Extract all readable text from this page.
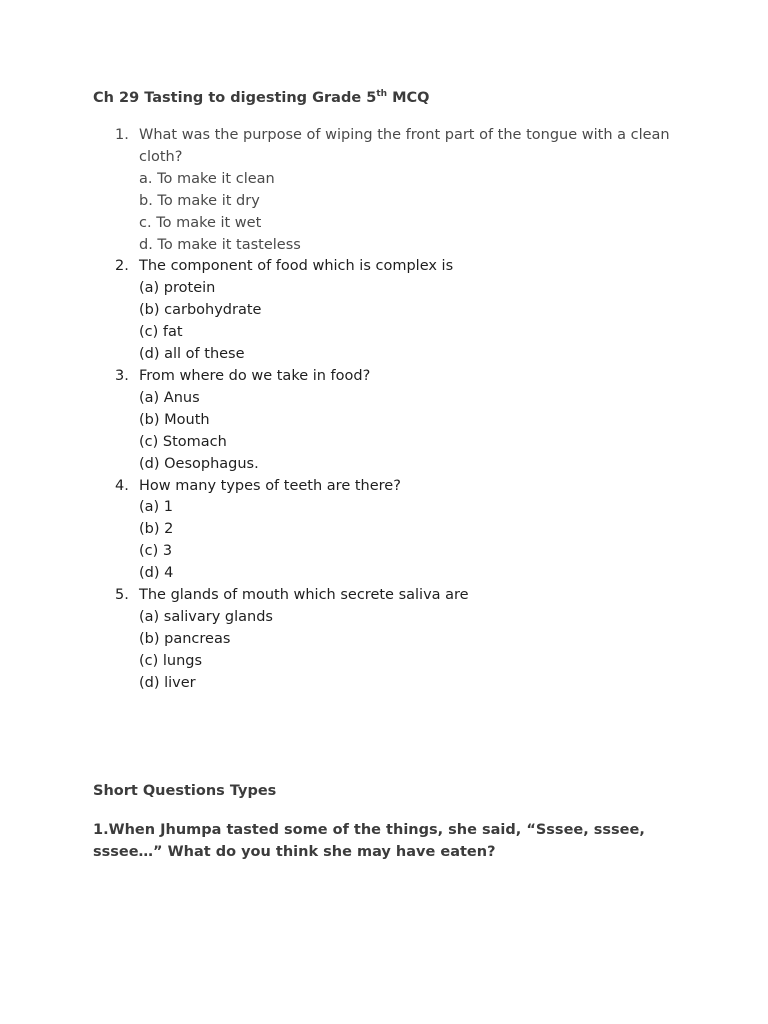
Ch 29 Tasting to digesting Grade 5th MCQ
1. What was the purpose of wiping the front part of the tongue with a clean cloth?
a. To make it clean
b. To make it dry
c. To make it wet
d. To make it tasteless
2. The component of food which is complex is
(a) protein
(b) carbohydrate
(c) fat
(d) all of these
3. From where do we take in food?
(a) Anus
(b) Mouth
(c) Stomach
(d) Oesophagus.
4. How many types of teeth are there?
(a) 1
(b) 2
(c) 3
(d) 4
5. The glands of mouth which secrete saliva are
(a) salivary glands
(b) pancreas
(c) lungs
(d) liver
Short Questions Types
1.When Jhumpa tasted some of the things, she said, “Sssee, sssee, sssee…” What do you think she may have eaten?
